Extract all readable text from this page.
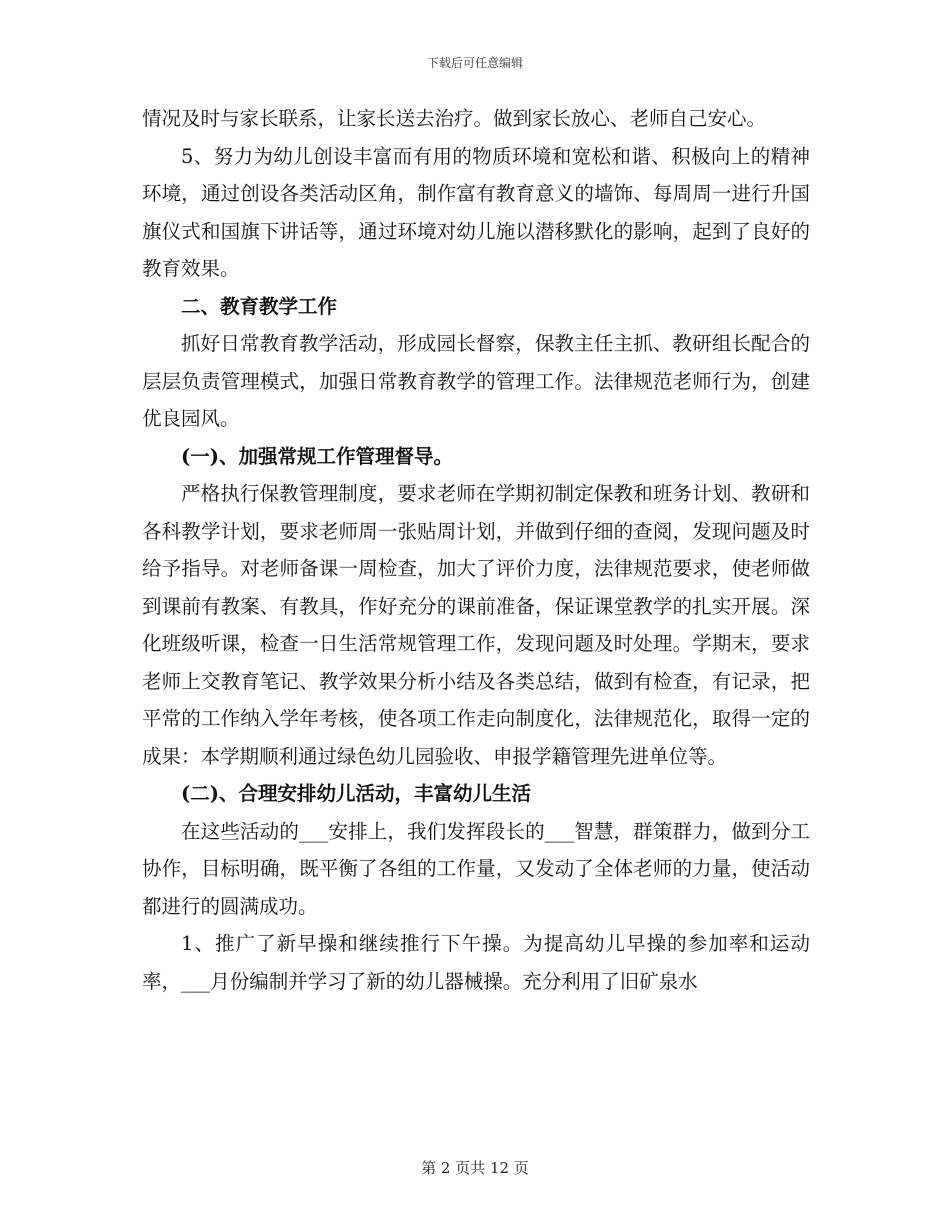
下载后可任意编辑

情况及时与家长联系，让家长送去治疗。做到家长放心、老师自己安心。

5、努力为幼儿创设丰富而有用的物质环境和宽松和谐、积极向上的精神环境，通过创设各类活动区角，制作富有教育意义的墙饰、每周周一进行升国旗仪式和国旗下讲话等，通过环境对幼儿施以潜移默化的影响，起到了良好的教育效果。

二、教育教学工作

抓好日常教育教学活动，形成园长督察，保教主任主抓、教研组长配合的层层负责管理模式，加强日常教育教学的管理工作。法律规范老师行为，创建优良园风。

(一)、加强常规工作管理督导。

严格执行保教管理制度，要求老师在学期初制定保教和班务计划、教研和各科教学计划，要求老师周一张贴周计划，并做到仔细的查阅，发现问题及时给予指导。对老师备课一周检查，加大了评价力度，法律规范要求，使老师做到课前有教案、有教具，作好充分的课前准备，保证课堂教学的扎实开展。深化班级听课，检查一日生活常规管理工作，发现问题及时处理。学期末，要求老师上交教育笔记、教学效果分析小结及各类总结，做到有检查，有记录，把平常的工作纳入学年考核，使各项工作走向制度化，法律规范化，取得一定的成果：本学期顺利通过绿色幼儿园验收、申报学籍管理先进单位等。

(二)、合理安排幼儿活动，丰富幼儿生活

在这些活动的___安排上，我们发挥段长的___智慧，群策群力，做到分工协作，目标明确，既平衡了各组的工作量，又发动了全体老师的力量，使活动都进行的圆满成功。

1、推广了新早操和继续推行下午操。为提高幼儿早操的参加率和运动率，___月份编制并学习了新的幼儿器械操。充分利用了旧矿泉水

第 2 页共 12 页
